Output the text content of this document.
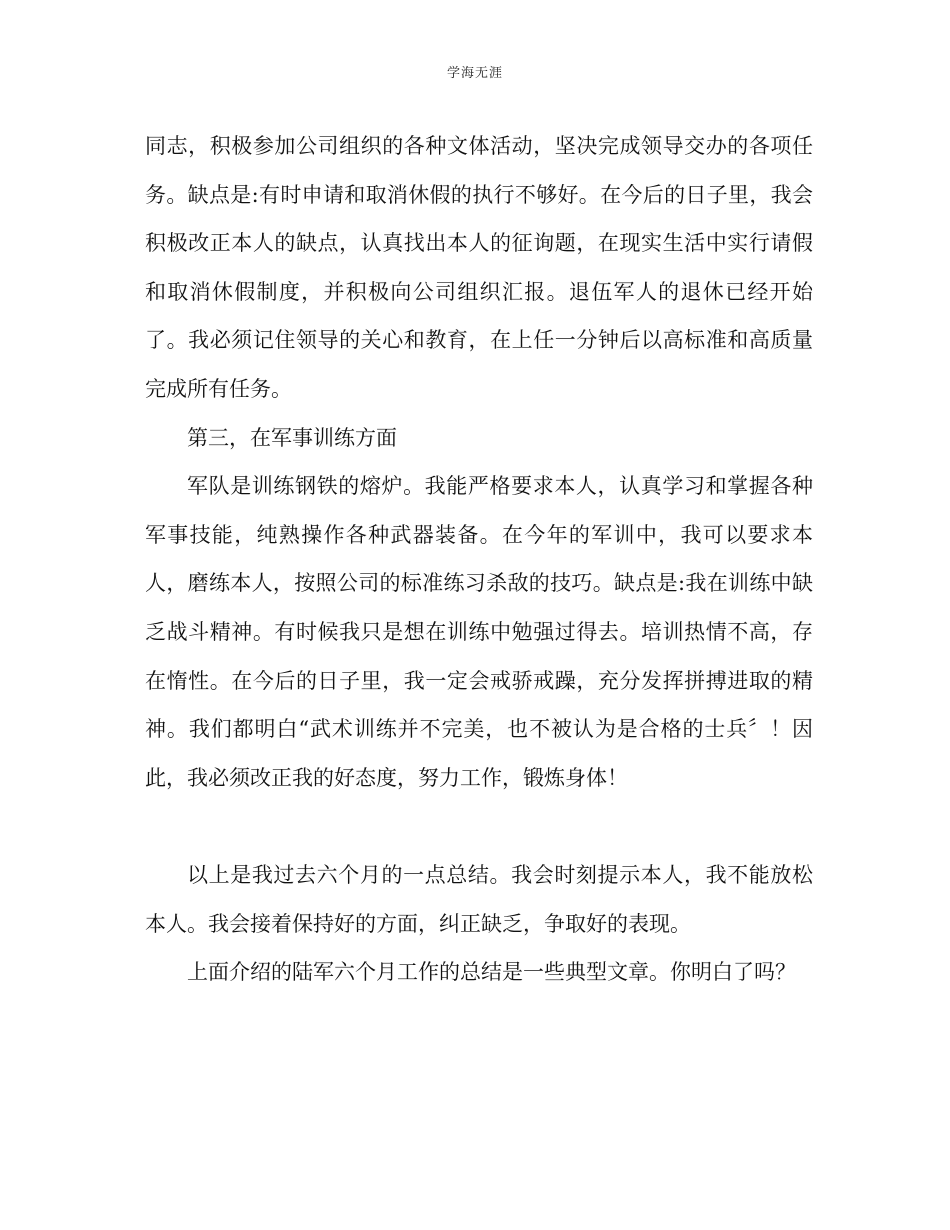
学海无涯

同志，积极参加公司组织的各种文体活动，坚决完成领导交办的各项任务。缺点是:有时申请和取消休假的执行不够好。在今后的日子里，我会积极改正本人的缺点，认真找出本人的征询题，在现实生活中实行请假和取消休假制度，并积极向公司组织汇报。退伍军人的退休已经开始了。我必须记住领导的关心和教育，在上任一分钟后以高标准和高质量完成所有任务。

第三，在军事训练方面

军队是训练钢铁的熔炉。我能严格要求本人，认真学习和掌握各种军事技能，纯熟操作各种武器装备。在今年的军训中，我可以要求本人，磨练本人，按照公司的标准练习杀敌的技巧。缺点是:我在训练中缺乏战斗精神。有时候我只是想在训练中勉强过得去。培训热情不高，存在惰性。在今后的日子里，我一定会戒骄戒躁，充分发挥拼搏进取的精神。我们都明白“武术训练并不完美，也不被认为是合格的士兵〞！因此，我必须改正我的好态度，努力工作，锻炼身体！

以上是我过去六个月的一点总结。我会时刻提示本人，我不能放松本人。我会接着保持好的方面，纠正缺乏，争取好的表现。

上面介绍的陆军六个月工作的总结是一些典型文章。你明白了吗？
